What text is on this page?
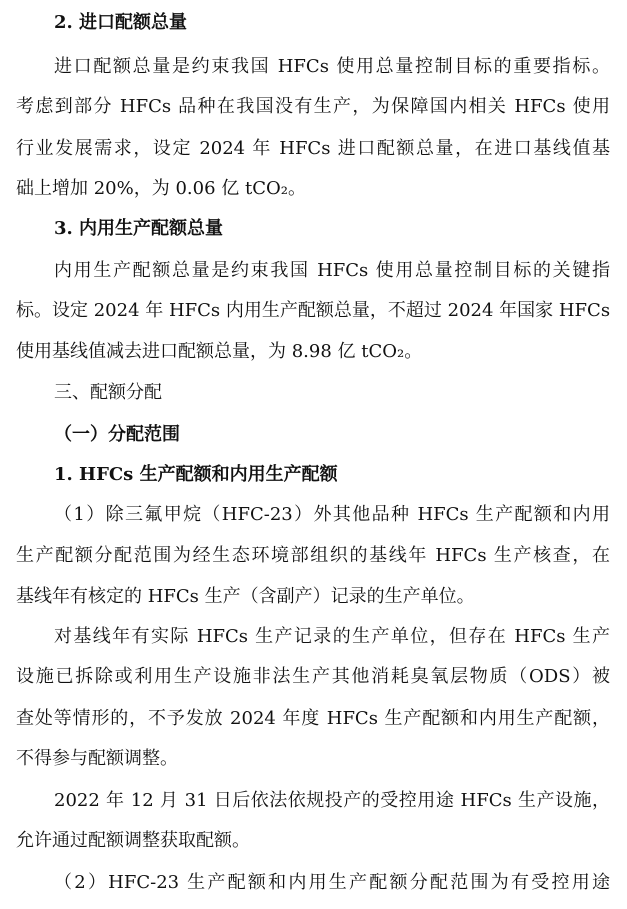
2. 进口配额总量
进口配额总量是约束我国 HFCs 使用总量控制目标的重要指标。
考虑到部分 HFCs 品种在我国没有生产，为保障国内相关 HFCs 使用
行业发展需求，设定 2024 年 HFCs 进口配额总量，在进口基线值基
础上增加 20%，为 0.06 亿 tCO₂。
3. 内用生产配额总量
内用生产配额总量是约束我国 HFCs 使用总量控制目标的关键指
标。设定 2024 年 HFCs 内用生产配额总量，不超过 2024 年国家 HFCs
使用基线值减去进口配额总量，为 8.98 亿 tCO₂。
三、配额分配
（一）分配范围
1. HFCs 生产配额和内用生产配额
（1）除三氟甲烷（HFC-23）外其他品种 HFCs 生产配额和内用
生产配额分配范围为经生态环境部组织的基线年 HFCs 生产核查，在
基线年有核定的 HFCs 生产（含副产）记录的生产单位。
对基线年有实际 HFCs 生产记录的生产单位，但存在 HFCs 生产
设施已拆除或利用生产设施非法生产其他消耗臭氧层物质（ODS）被
查处等情形的，不予发放 2024 年度 HFCs 生产配额和内用生产配额，
不得参与配额调整。
2022 年 12 月 31 日后依法依规投产的受控用途 HFCs 生产设施，
允许通过配额调整获取配额。
（2）HFC-23 生产配额和内用生产配额分配范围为有受控用途
